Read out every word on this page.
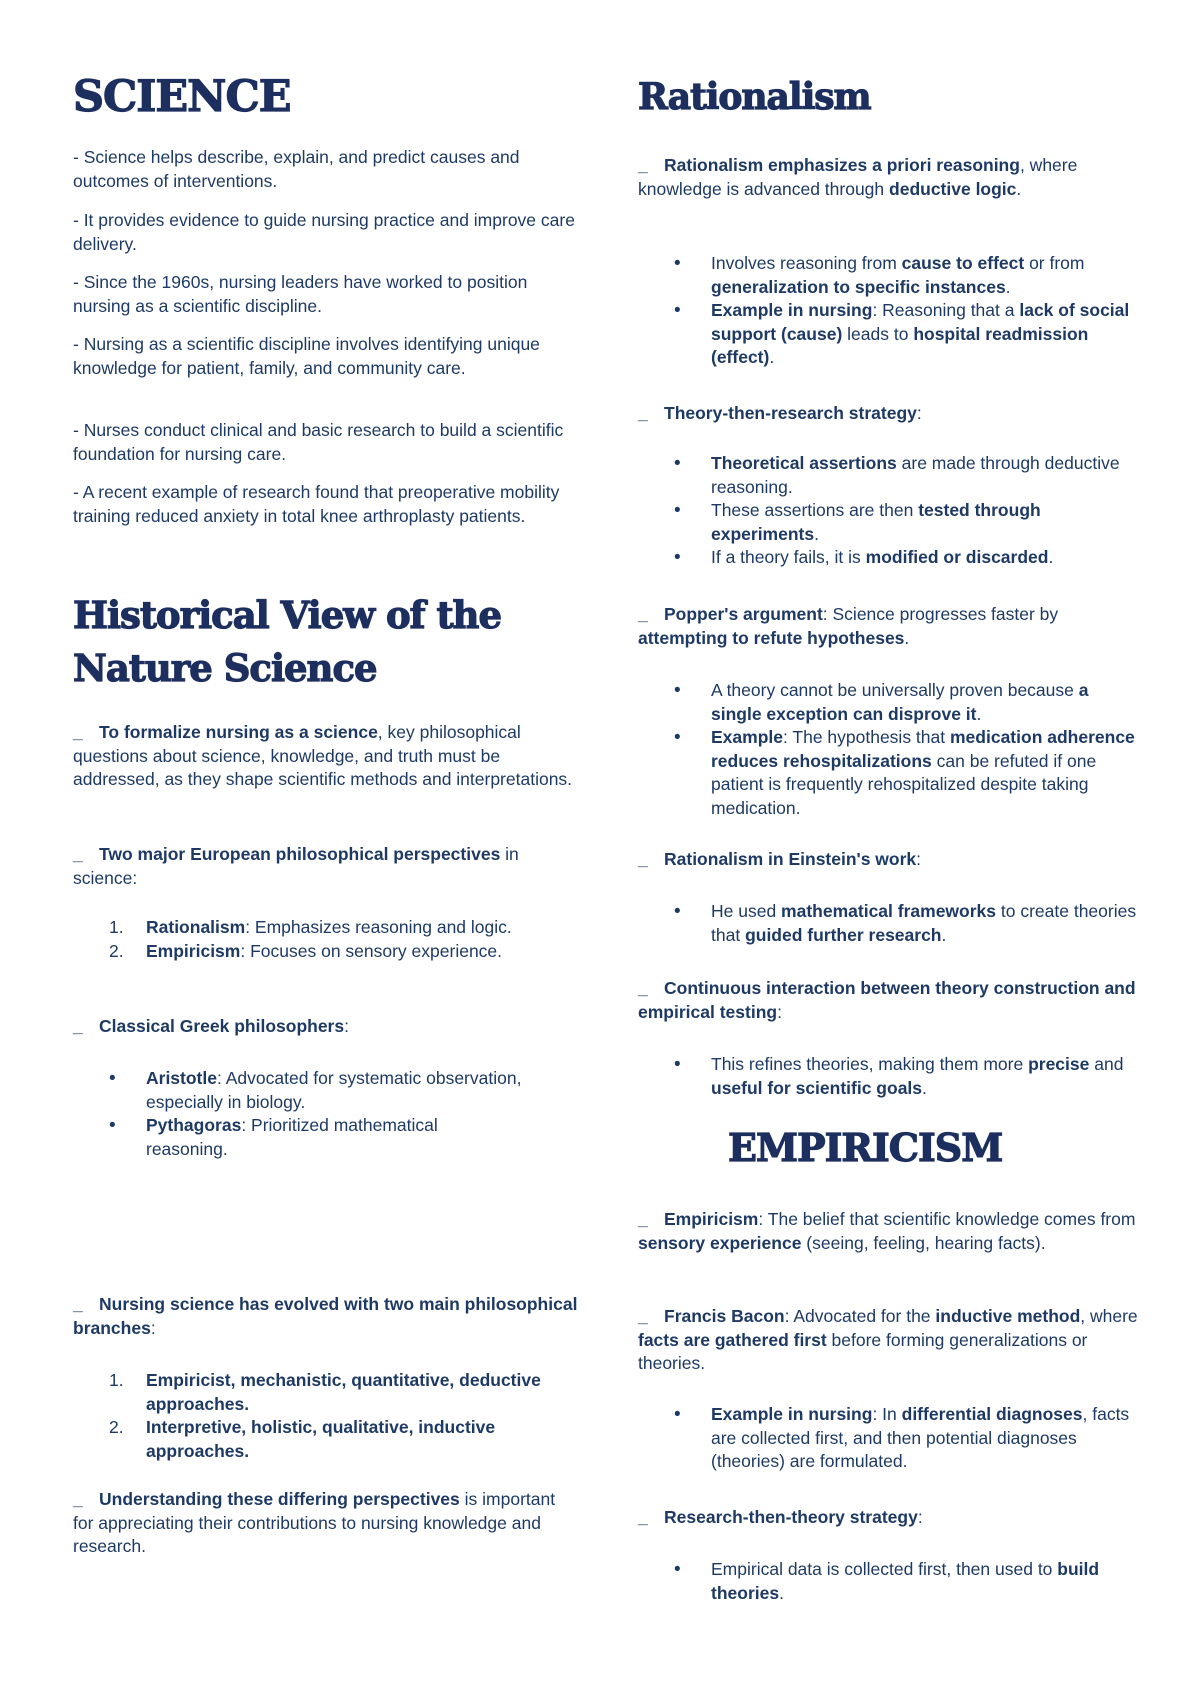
SCIENCE

- Science helps describe, explain, and predict causes and outcomes of interventions.

- It provides evidence to guide nursing practice and improve care delivery.

- Since the 1960s, nursing leaders have worked to position nursing as a scientific discipline.

- Nursing as a scientific discipline involves identifying unique knowledge for patient, family, and community care.

- Nurses conduct clinical and basic research to build a scientific foundation for nursing care.

- A recent example of research found that preoperative mobility training reduced anxiety in total knee arthroplasty patients.

Historical View of the
Nature Science

_ To formalize nursing as a science, key philosophical questions about science, knowledge, and truth must be addressed, as they shape scientific methods and interpretations.

_ Two major European philosophical perspectives in science:

1. Rationalism: Emphasizes reasoning and logic.
2. Empiricism: Focuses on sensory experience.

_ Classical Greek philosophers:

• Aristotle: Advocated for systematic observation, especially in biology.
• Pythagoras: Prioritized mathematical reasoning.

_ Nursing science has evolved with two main philosophical branches:

1. Empiricist, mechanistic, quantitative, deductive approaches.
2. Interpretive, holistic, qualitative, inductive approaches.

_ Understanding these differing perspectives is important for appreciating their contributions to nursing knowledge and research.

Rationalism

_ Rationalism emphasizes a priori reasoning, where knowledge is advanced through deductive logic.

• Involves reasoning from cause to effect or from generalization to specific instances.
• Example in nursing: Reasoning that a lack of social support (cause) leads to hospital readmission (effect).

_ Theory-then-research strategy:

• Theoretical assertions are made through deductive reasoning.
• These assertions are then tested through experiments.
• If a theory fails, it is modified or discarded.

_ Popper's argument: Science progresses faster by attempting to refute hypotheses.

• A theory cannot be universally proven because a single exception can disprove it.
• Example: The hypothesis that medication adherence reduces rehospitalizations can be refuted if one patient is frequently rehospitalized despite taking medication.

_ Rationalism in Einstein's work:

• He used mathematical frameworks to create theories that guided further research.

_ Continuous interaction between theory construction and empirical testing:

• This refines theories, making them more precise and useful for scientific goals.
EMPIRICISM

_ Empiricism: The belief that scientific knowledge comes from sensory experience (seeing, feeling, hearing facts).

_ Francis Bacon: Advocated for the inductive method, where facts are gathered first before forming generalizations or theories.

• Example in nursing: In differential diagnoses, facts are collected first, and then potential diagnoses (theories) are formulated.

_ Research-then-theory strategy:

• Empirical data is collected first, then used to build theories.
